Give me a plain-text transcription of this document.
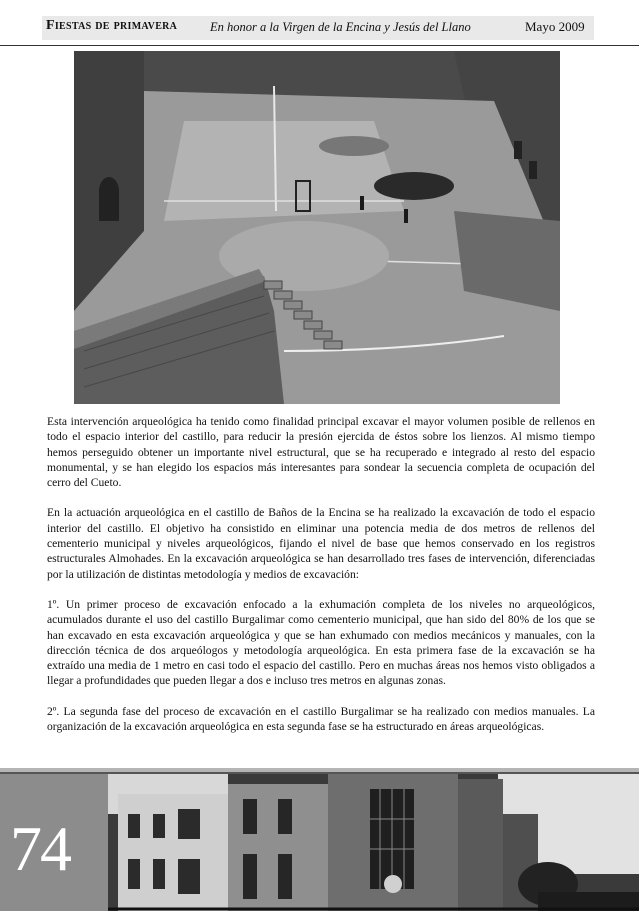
Fiestas de primavera	En honor a la Virgen de la Encina y Jesús del Llano	Mayo 2009

Esta intervención arqueológica ha tenido como finalidad principal excavar el mayor volumen posible de rellenos en todo el espacio interior del castillo, para reducir la presión ejercida de éstos sobre los lienzos. Al mismo tiempo hemos perseguido obtener un importante nivel estructural, que se ha recuperado e integrado al resto del espacio monumental, y se han elegido los espacios más interesantes para sondear la secuencia completa de ocupación del cerro del Cueto.

En la actuación arqueológica en el castillo de Baños de la Encina se ha realizado la excavación de todo el espacio interior del castillo. El objetivo ha consistido en eliminar una potencia media de dos metros de rellenos del cementerio municipal y niveles arqueológicos, fijando el nivel de base que hemos conservado en los registros estructurales Almohades. En la excavación arqueológica se han desarrollado tres fases de intervención, diferenciadas por la utilización de distintas metodología y medios de excavación:

1º. Un primer proceso de excavación enfocado a la exhumación completa de los niveles no arqueológicos, acumulados durante el uso del castillo Burgalimar como cementerio municipal, que han sido del 80% de los que se han excavado en esta excavación arqueológica y que se han exhumado con medios mecánicos y manuales, con la dirección técnica de dos arqueólogos y metodología arqueológica. En esta primera fase de la excavación se ha extraído una media de 1 metro en casi todo el espacio del castillo. Pero en muchas áreas nos hemos visto obligados a llegar a profundidades que pueden llegar a dos e incluso tres metros en algunas zonas.

2º. La segunda fase del proceso de excavación en el castillo Burgalimar se ha realizado con medios manuales. La organización de la excavación arqueológica en esta segunda fase se ha estructurado en áreas arqueológicas.

74
